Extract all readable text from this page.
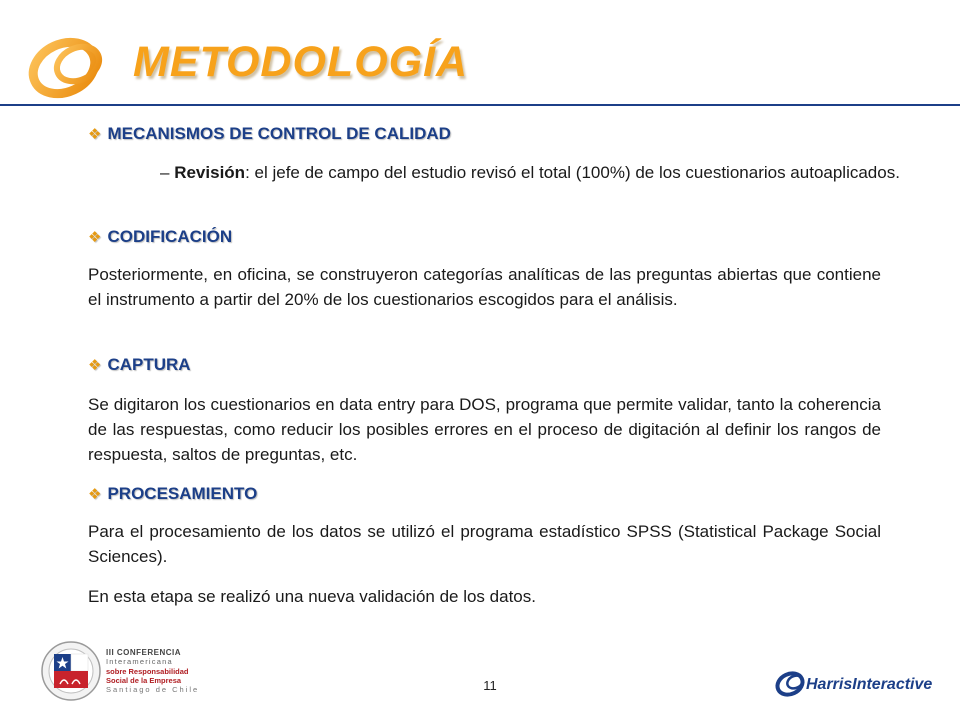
METODOLOGÍA
❖ MECANISMOS DE CONTROL DE CALIDAD
– Revisión: el jefe de campo del estudio revisó el total (100%) de los cuestionarios autoaplicados.
❖ CODIFICACIÓN
Posteriormente, en oficina, se construyeron categorías analíticas de las preguntas abiertas que contiene el instrumento a partir del 20% de los cuestionarios escogidos para el análisis.
❖ CAPTURA
Se digitaron los cuestionarios en data entry para DOS, programa que permite validar, tanto la coherencia de las respuestas, como reducir los posibles errores en el proceso de digitación al definir los rangos de respuesta, saltos de preguntas, etc.
❖ PROCESAMIENTO
Para el procesamiento de los datos se utilizó el programa estadístico SPSS (Statistical Package Social Sciences).
En esta etapa se realizó una nueva validación de los datos.
III CONFERENCIA
Interamericana
sobre Responsabilidad
Social de la Empresa
Santiago de Chile	11	HarrisInteractive
